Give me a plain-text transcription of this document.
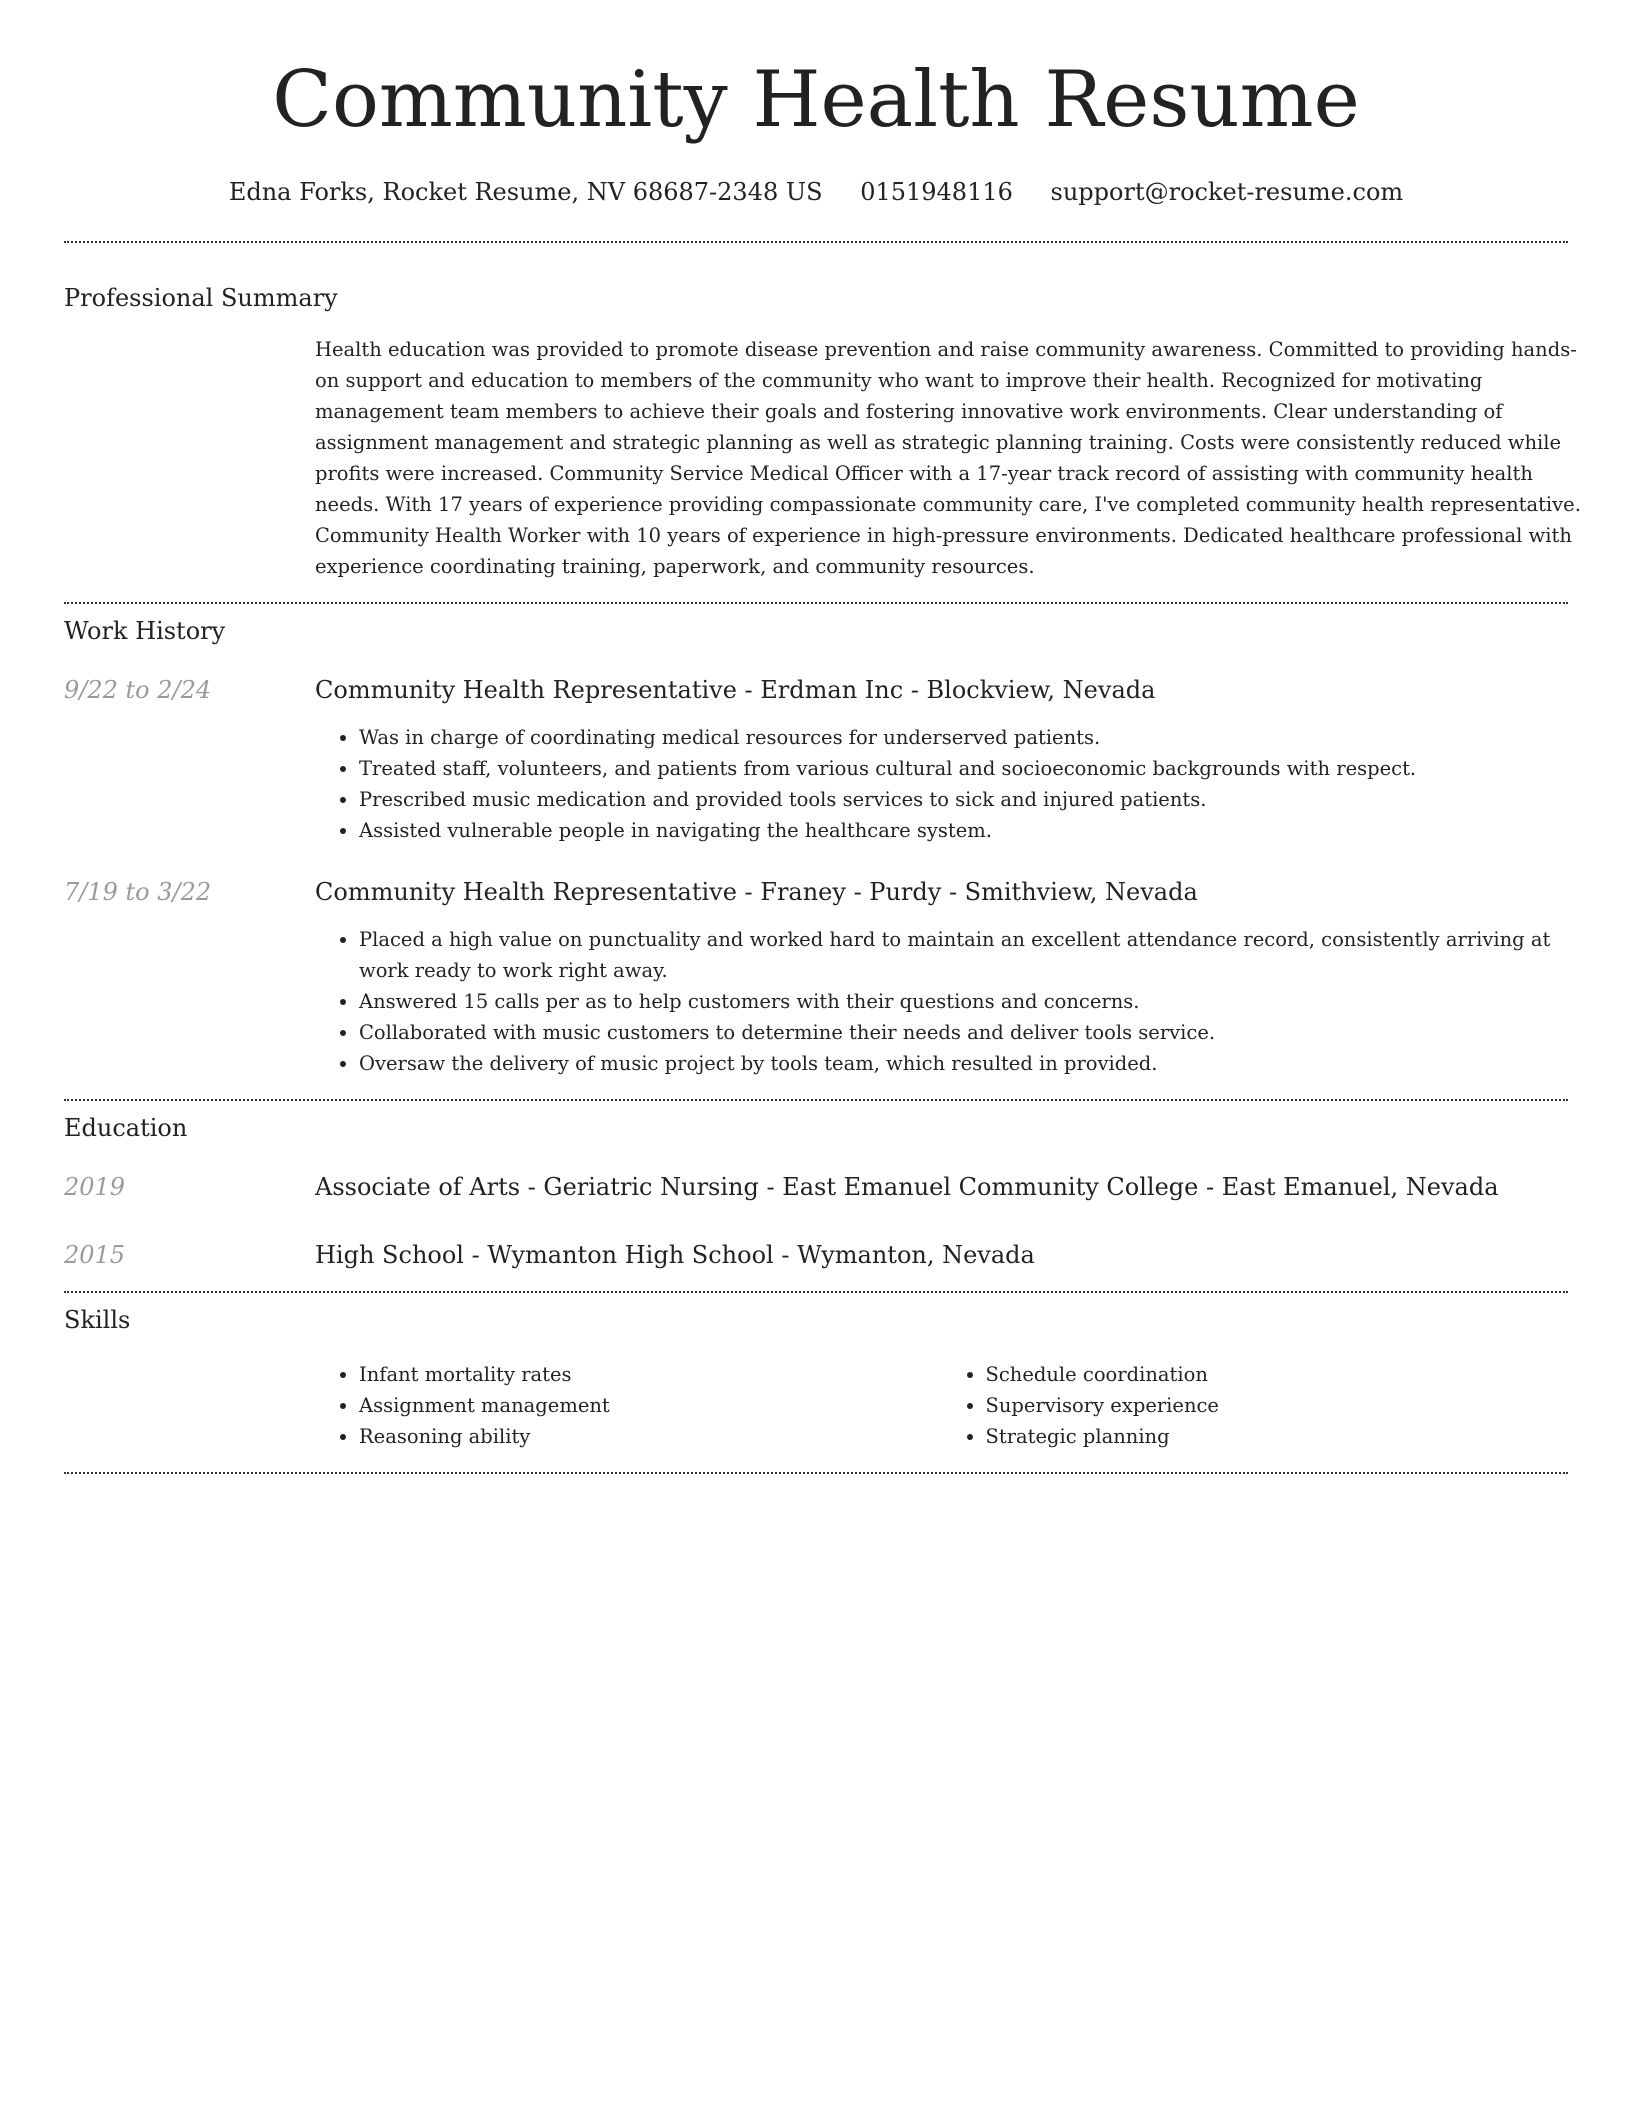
Community Health Resume
Edna Forks, Rocket Resume, NV 68687-2348 US 0151948116 support@rocket-resume.com
Professional Summary
Health education was provided to promote disease prevention and raise community awareness. Committed to providing hands-on support and education to members of the community who want to improve their health. Recognized for motivating management team members to achieve their goals and fostering innovative work environments. Clear understanding of assignment management and strategic planning as well as strategic planning training. Costs were consistently reduced while profits were increased. Community Service Medical Officer with a 17-year track record of assisting with community health needs. With 17 years of experience providing compassionate community care, I've completed community health representative. Community Health Worker with 10 years of experience in high-pressure environments. Dedicated healthcare professional with experience coordinating training, paperwork, and community resources.
Work History
9/22 to 2/24	Community Health Representative - Erdman Inc - Blockview, Nevada
• Was in charge of coordinating medical resources for underserved patients.
• Treated staff, volunteers, and patients from various cultural and socioeconomic backgrounds with respect.
• Prescribed music medication and provided tools services to sick and injured patients.
• Assisted vulnerable people in navigating the healthcare system.
7/19 to 3/22	Community Health Representative - Franey - Purdy - Smithview, Nevada
• Placed a high value on punctuality and worked hard to maintain an excellent attendance record, consistently arriving at work ready to work right away.
• Answered 15 calls per as to help customers with their questions and concerns.
• Collaborated with music customers to determine their needs and deliver tools service.
• Oversaw the delivery of music project by tools team, which resulted in provided.
Education
2019	Associate of Arts - Geriatric Nursing - East Emanuel Community College - East Emanuel, Nevada
2015	High School - Wymanton High School - Wymanton, Nevada
Skills
• Infant mortality rates
• Assignment management
• Reasoning ability
• Schedule coordination
• Supervisory experience
• Strategic planning
